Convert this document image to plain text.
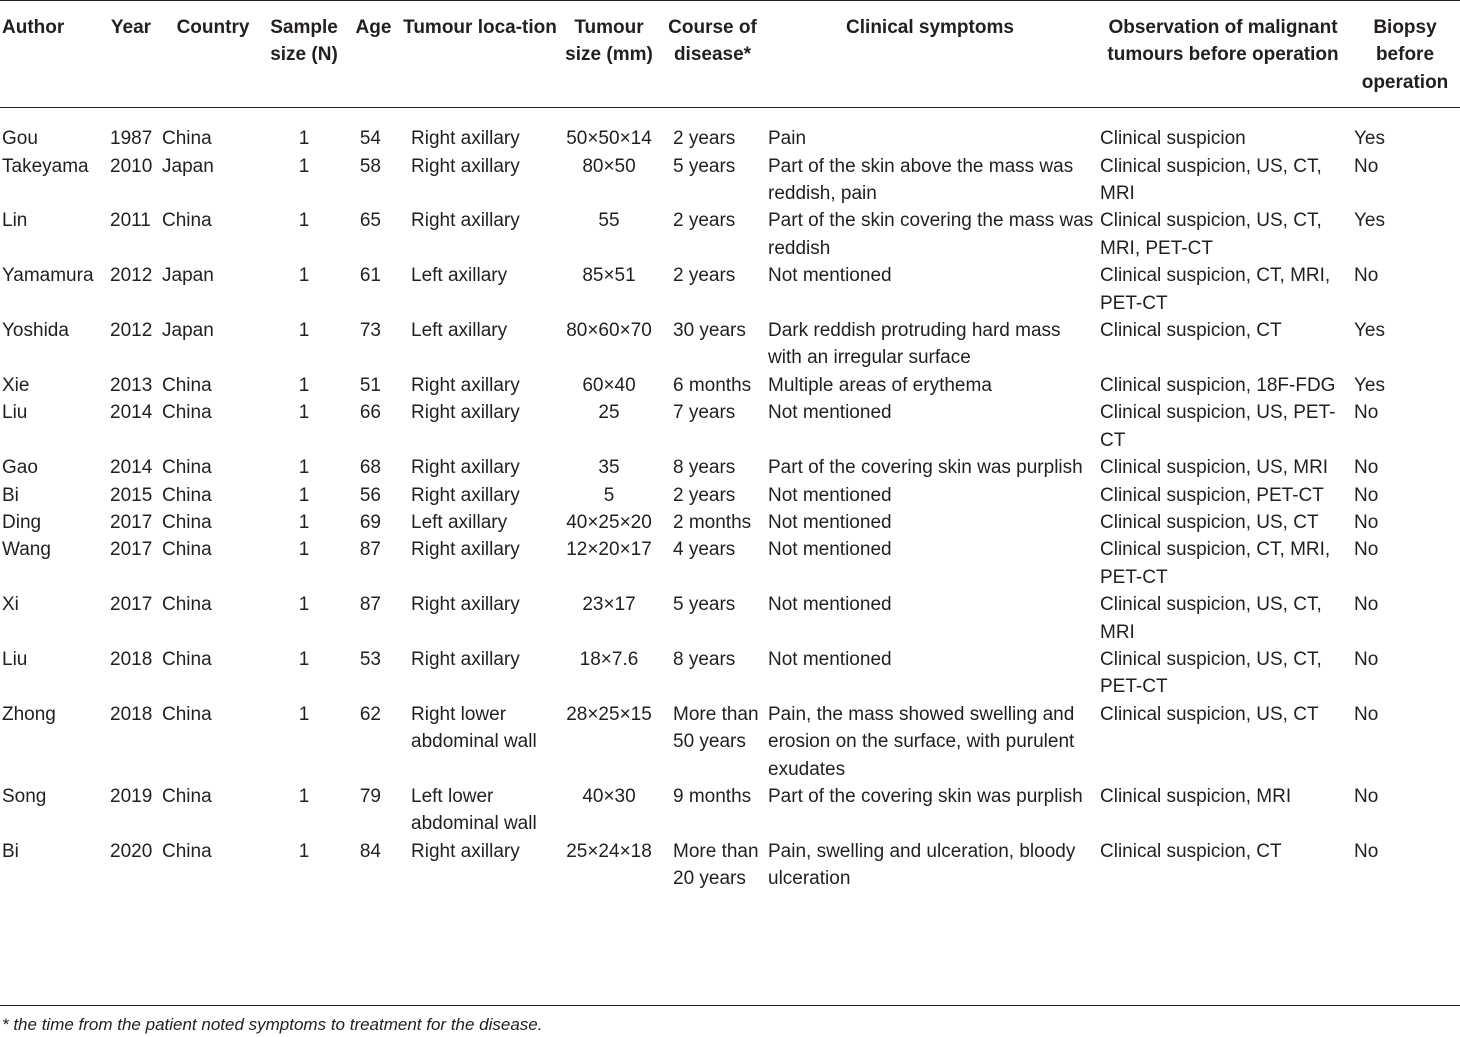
Author	Year	Country	Sample size (N)	Age	Tumour loca-tion	Tumour size (mm)	Course of disease*	Clinical symptoms	Observation of malignant tumours before operation	Biopsy before operation
Gou	1987	China	1	54	Right axillary	50×50×14	2 years	Pain	Clinical suspicion	Yes
Takeyama	2010	Japan	1	58	Right axillary	80×50	5 years	Part of the skin above the mass was reddish, pain	Clinical suspicion, US, CT, MRI	No
Lin	2011	China	1	65	Right axillary	55	2 years	Part of the skin covering the mass was reddish	Clinical suspicion, US, CT, MRI, PET-CT	Yes
Yamamura	2012	Japan	1	61	Left axillary	85×51	2 years	Not mentioned	Clinical suspicion, CT, MRI, PET-CT	No
Yoshida	2012	Japan	1	73	Left axillary	80×60×70	30 years	Dark reddish protruding hard mass with an irregular surface	Clinical suspicion, CT	Yes
Xie	2013	China	1	51	Right axillary	60×40	6 months	Multiple areas of erythema	Clinical suspicion, 18F-FDG	Yes
Liu	2014	China	1	66	Right axillary	25	7 years	Not mentioned	Clinical suspicion, US, PET-CT	No
Gao	2014	China	1	68	Right axillary	35	8 years	Part of the covering skin was purplish	Clinical suspicion, US, MRI	No
Bi	2015	China	1	56	Right axillary	5	2 years	Not mentioned	Clinical suspicion, PET-CT	No
Ding	2017	China	1	69	Left axillary	40×25×20	2 months	Not mentioned	Clinical suspicion, US, CT	No
Wang	2017	China	1	87	Right axillary	12×20×17	4 years	Not mentioned	Clinical suspicion, CT, MRI, PET-CT	No
Xi	2017	China	1	87	Right axillary	23×17	5 years	Not mentioned	Clinical suspicion, US, CT, MRI	No
Liu	2018	China	1	53	Right axillary	18×7.6	8 years	Not mentioned	Clinical suspicion, US, CT, PET-CT	No
Zhong	2018	China	1	62	Right lower abdominal wall	28×25×15	More than 50 years	Pain, the mass showed swelling and erosion on the surface, with purulent exudates	Clinical suspicion, US, CT	No
Song	2019	China	1	79	Left lower abdominal wall	40×30	9 months	Part of the covering skin was purplish	Clinical suspicion, MRI	No
Bi	2020	China	1	84	Right axillary	25×24×18	More than 20 years	Pain, swelling and ulceration, bloody ulceration	Clinical suspicion, CT	No
* the time from the patient noted symptoms to treatment for the disease.
